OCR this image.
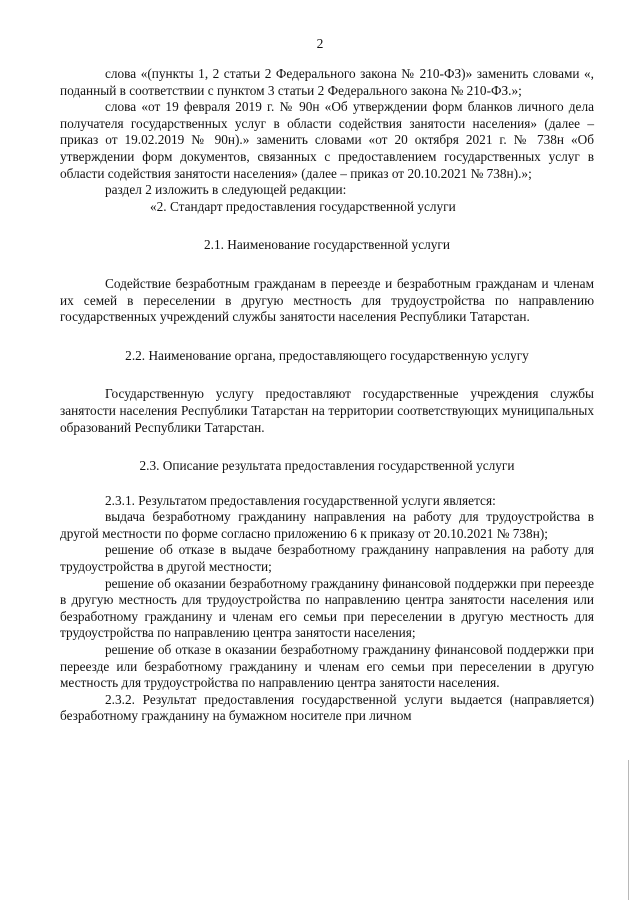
2

слова «(пункты 1, 2 статьи 2 Федерального закона № 210-ФЗ)» заменить словами «, поданный в соответствии с пунктом 3 статьи 2 Федерального закона № 210-ФЗ.»;

слова «от 19 февраля 2019 г. № 90н «Об утверждении форм бланков личного дела получателя государственных услуг в области содействия занятости населения» (далее – приказ от 19.02.2019 № 90н).» заменить словами «от 20 октября 2021 г. № 738н «Об утверждении форм документов, связанных с предоставлением государственных услуг в области содействия занятости населения» (далее – приказ от 20.10.2021 № 738н).»;

раздел 2 изложить в следующей редакции:

«2. Стандарт предоставления государственной услуги

2.1. Наименование государственной услуги

Содействие безработным гражданам в переезде и безработным гражданам и членам их семей в переселении в другую местность для трудоустройства по направлению государственных учреждений службы занятости населения Республики Татарстан.

2.2. Наименование органа, предоставляющего государственную услугу

Государственную услугу предоставляют государственные учреждения службы занятости населения Республики Татарстан на территории соответствующих муниципальных образований Республики Татарстан.

2.3. Описание результата предоставления государственной услуги

2.3.1. Результатом предоставления государственной услуги является:

выдача безработному гражданину направления на работу для трудоустройства в другой местности по форме согласно приложению 6 к приказу от 20.10.2021 № 738н);

решение об отказе в выдаче безработному гражданину направления на работу для трудоустройства в другой местности;

решение об оказании безработному гражданину финансовой поддержки при переезде в другую местность для трудоустройства по направлению центра занятости населения или безработному гражданину и членам его семьи при переселении в другую местность для трудоустройства по направлению центра занятости населения;

решение об отказе в оказании безработному гражданину финансовой поддержки при переезде или безработному гражданину и членам его семьи при переселении в другую местность для трудоустройства по направлению центра занятости населения.

2.3.2. Результат предоставления государственной услуги выдается (направляется) безработному гражданину на бумажном носителе при личном
